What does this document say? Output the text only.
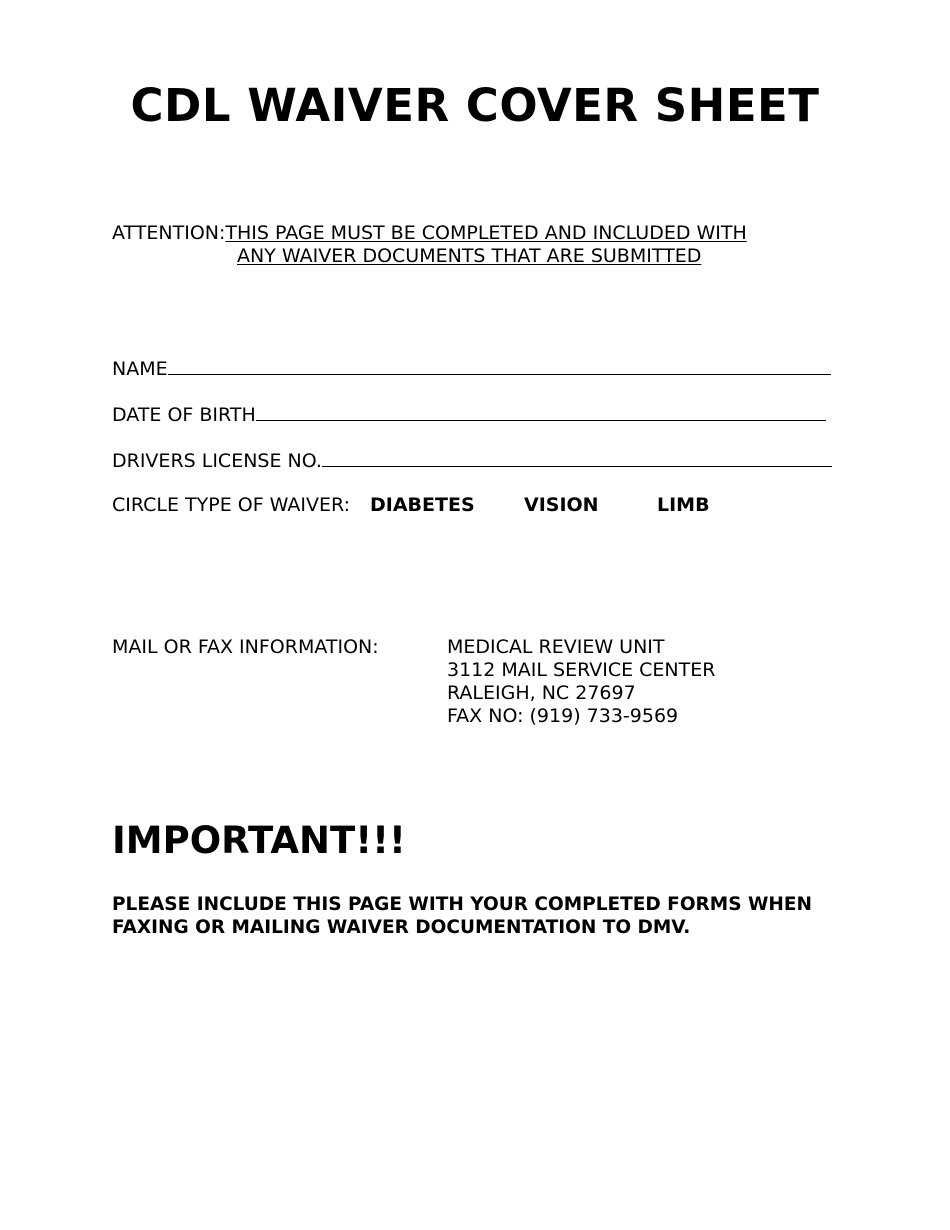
CDL WAIVER COVER SHEET
ATTENTION:THIS PAGE MUST BE COMPLETED AND INCLUDED WITH
ANY WAIVER DOCUMENTS THAT ARE SUBMITTED
NAME
DATE OF BIRTH
DRIVERS LICENSE NO.
CIRCLE TYPE OF WAIVER: DIABETES	VISION	LIMB
MAIL OR FAX INFORMATION:	MEDICAL REVIEW UNIT
3112 MAIL SERVICE CENTER
RALEIGH, NC 27697
FAX NO: (919) 733-9569
IMPORTANT!!!

PLEASE INCLUDE THIS PAGE WITH YOUR COMPLETED FORMS WHEN FAXING OR MAILING WAIVER DOCUMENTATION TO DMV.
